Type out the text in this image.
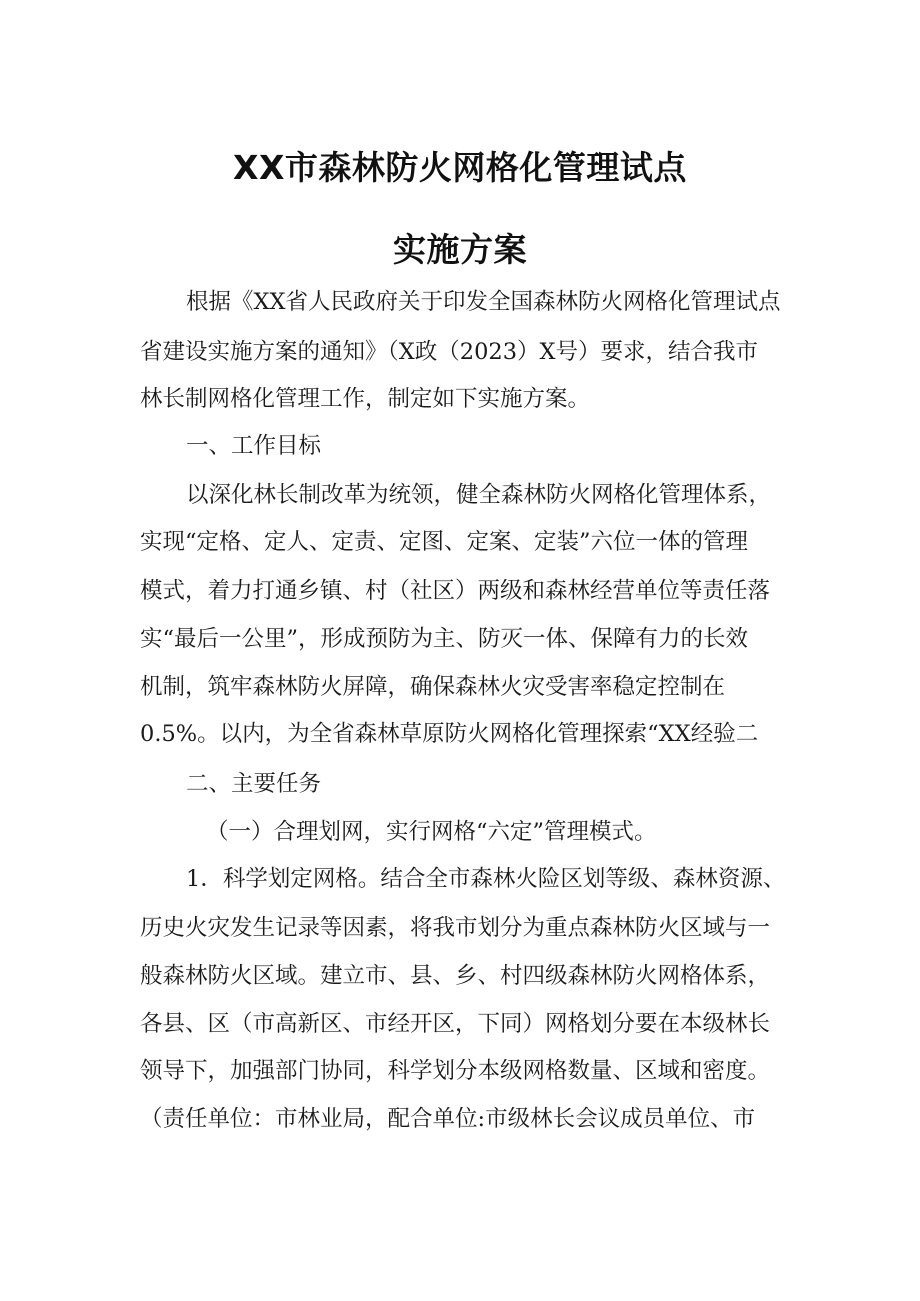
XX市森林防火网格化管理试点
实施方案
根据《XX省人民政府关于印发全国森林防火网格化管理试点
省建设实施方案的通知》（X政（2023）X号）要求，结合我市
林长制网格化管理工作，制定如下实施方案。
一、工作目标
以深化林长制改革为统领，健全森林防火网格化管理体系，
实现“定格、定人、定责、定图、定案、定装”六位一体的管理
模式，着力打通乡镇、村（社区）两级和森林经营单位等责任落
实“最后一公里”，形成预防为主、防灭一体、保障有力的长效
机制，筑牢森林防火屏障，确保森林火灾受害率稳定控制在
0.5%。以内，为全省森林草原防火网格化管理探索“XX经验二
二、主要任务
（一）合理划网，实行网格“六定”管理模式。
1．科学划定网格。结合全市森林火险区划等级、森林资源、
历史火灾发生记录等因素，将我市划分为重点森林防火区域与一
般森林防火区域。建立市、县、乡、村四级森林防火网格体系，
各县、区（市高新区、市经开区，下同）网格划分要在本级林长
领导下，加强部门协同，科学划分本级网格数量、区域和密度。
（责任单位：市林业局，配合单位:市级林长会议成员单位、市
